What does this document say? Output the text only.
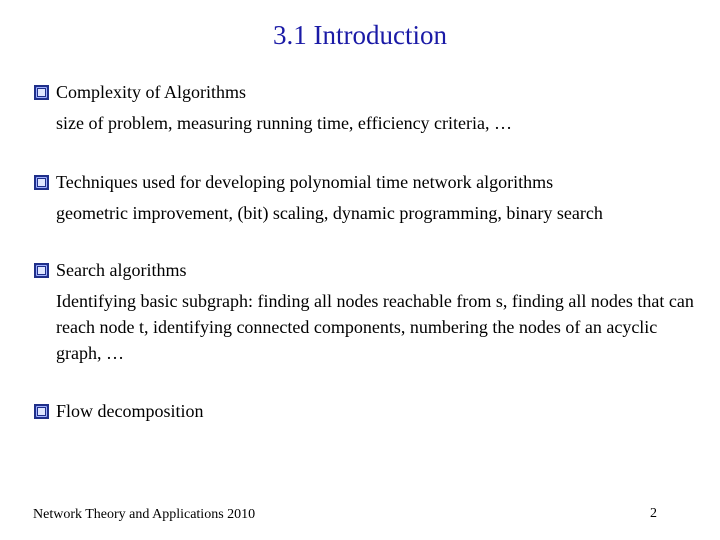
3.1 Introduction
Complexity of Algorithms
size of problem, measuring running time, efficiency criteria, …
Techniques used for developing polynomial time network algorithms
geometric improvement, (bit) scaling, dynamic programming, binary search
Search algorithms
Identifying basic subgraph: finding all nodes reachable from s, finding all nodes that can reach node t, identifying connected components, numbering the nodes of an acyclic graph, …
Flow decomposition
Network Theory and Applications 2010	2
